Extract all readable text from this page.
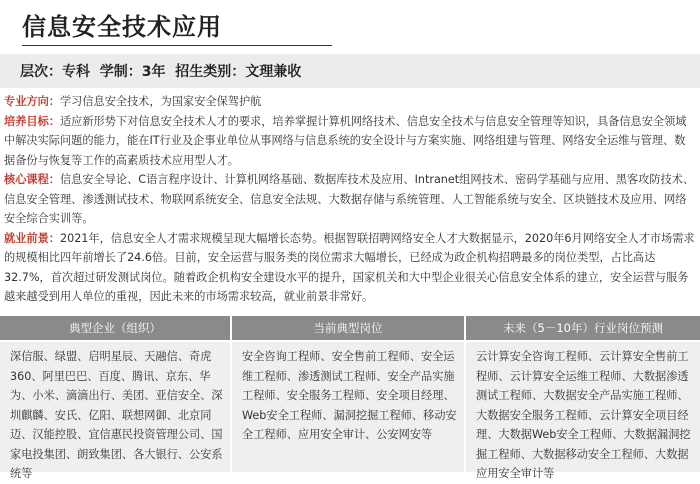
信息安全技术应用
层次： 专科
学制： 3年
招生类别： 文理兼收
专业方向：学习信息安全技术，为国家安全保驾护航
培养目标：适应新形势下对信息安全技术人才的要求，培养掌握计算机网络技术、信息安全技术与信息安全管理等知识，具备信息安全领域中解决实际问题的能力，能在IT行业及企事业单位从事网络与信息系统的安全设计与方案实施、网络组建与管理、网络安全运维与管理、数据备份与恢复等工作的高素质技术应用型人才。
核心课程：信息安全导论、C语言程序设计、计算机网络基础、数据库技术及应用、Intranet组网技术、密码学基础与应用、黑客攻防技术、信息安全管理、渗透测试技术、物联网系统安全、信息安全法规、大数据存储与系统管理、人工智能系统与安全、区块链技术及应用、网络安全综合实训等。
就业前景：2021年，信息安全人才需求规模呈现大幅增长态势。根据智联招聘网络安全人才大数据显示，2020年6月网络安全人才市场需求的规模相比四年前增长了24.6倍。目前，安全运营与服务类的岗位需求大幅增长，已经成为政企机构招聘最多的岗位类型，占比高达32.7%，首次超过研发测试岗位。随着政企机构安全建设水平的提升，国家机关和大中型企业很关心信息安全体系的建立，安全运营与服务越来越受到用人单位的重视，因此未来的市场需求较高，就业前景非常好。
典型企业（组织）	当前典型岗位	未来（5－10年）行业岗位预测
深信服、绿盟、启明星辰、天融信、奇虎360、阿里巴巴、百度、腾讯、京东、华为、小米、滴滴出行、美团、亚信安全、深圳麒麟、安氏、亿阳、联想网御、北京同迈、汉能控股、宜信惠民投资管理公司、国家电投集团、朗致集团、各大银行、公安系统等
安全咨询工程师、安全售前工程师、安全运维工程师、渗透测试工程师、安全产品实施工程师、安全服务工程师、安全项目经理、Web安全工程师、漏洞挖掘工程师、移动安全工程师、应用安全审计、公安网安等
云计算安全咨询工程师、云计算安全售前工程师、云计算安全运维工程师、大数据渗透测试工程师、大数据安全产品实施工程师、大数据安全服务工程师、云计算安全项目经理、大数据Web安全工程师、大数据漏洞挖掘工程师、大数据移动安全工程师、大数据应用安全审计等
